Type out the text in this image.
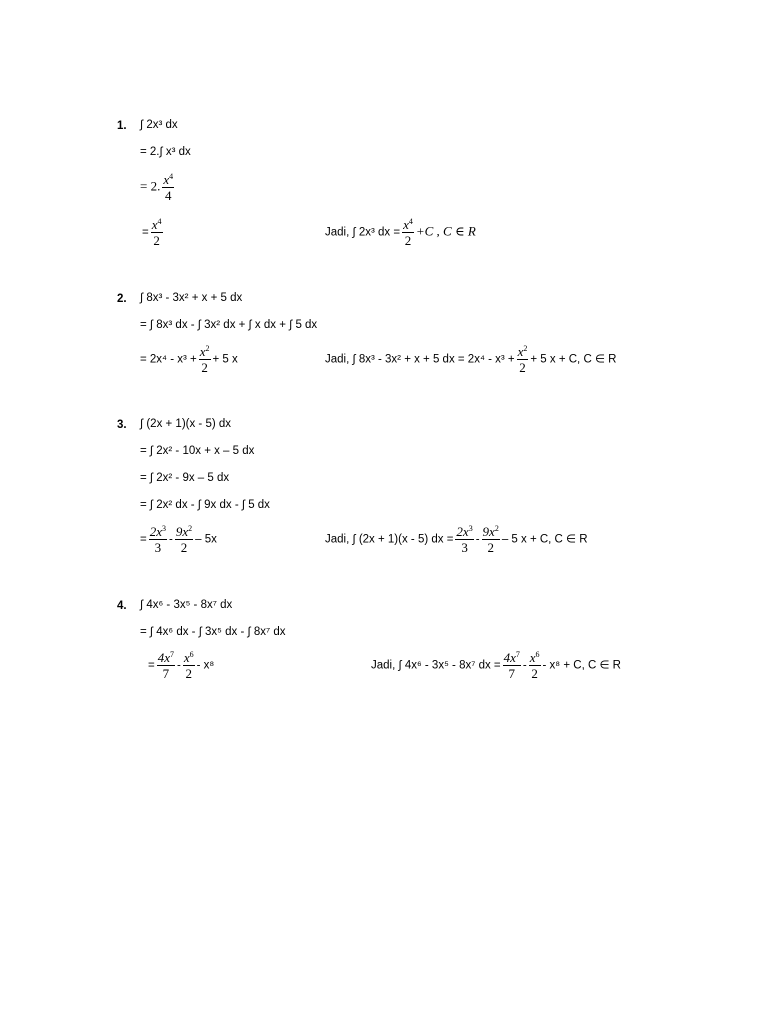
1. ∫ 2x³ dx
= 2.∫ x³ dx
= 2. $\frac{x^4}{4}$
= $\frac{x^4}{2}$	Jadi, ∫ 2x³ dx = $\frac{x^4}{2} +C$ , C ∈ R
2. ∫ 8x³ - 3x² + x + 5 dx
= ∫ 8x³ dx - ∫ 3x² dx + ∫ x dx + ∫ 5 dx
= $2x^4 - x^3 + \frac{x^2}{2} + 5$ x	Jadi, ∫ 8x³ - 3x² + x + 5 dx = $2x^4 - x^3 + \frac{x^2}{2} + 5$ x + C, C ∈ R
3. ∫ (2x + 1)(x - 5) dx
= ∫ 2x² - 10x + x – 5 dx
= ∫ 2x² - 9x – 5 dx
= ∫ 2x² dx - ∫ 9x dx - ∫ 5 dx
= $\frac{2x^3}{3} - \frac{9x^2}{2} - 5x$	Jadi, ∫ (2x + 1)(x - 5) dx = $\frac{2x^3}{3} - \frac{9x^2}{2} - 5$ x + C, C ∈ R
4. ∫ 4x⁶ - 3x⁵ - 8x⁷ dx
= ∫ 4x⁶ dx - ∫ 3x⁵ dx - ∫ 8x⁷ dx
= $\frac{4x^7}{7} - \frac{x^6}{2} - x^8$	Jadi, ∫ 4x⁶ - 3x⁵ - 8x⁷ dx = $\frac{4x^7}{7} - \frac{x^6}{2} - x^8 + C$, C ∈ R
